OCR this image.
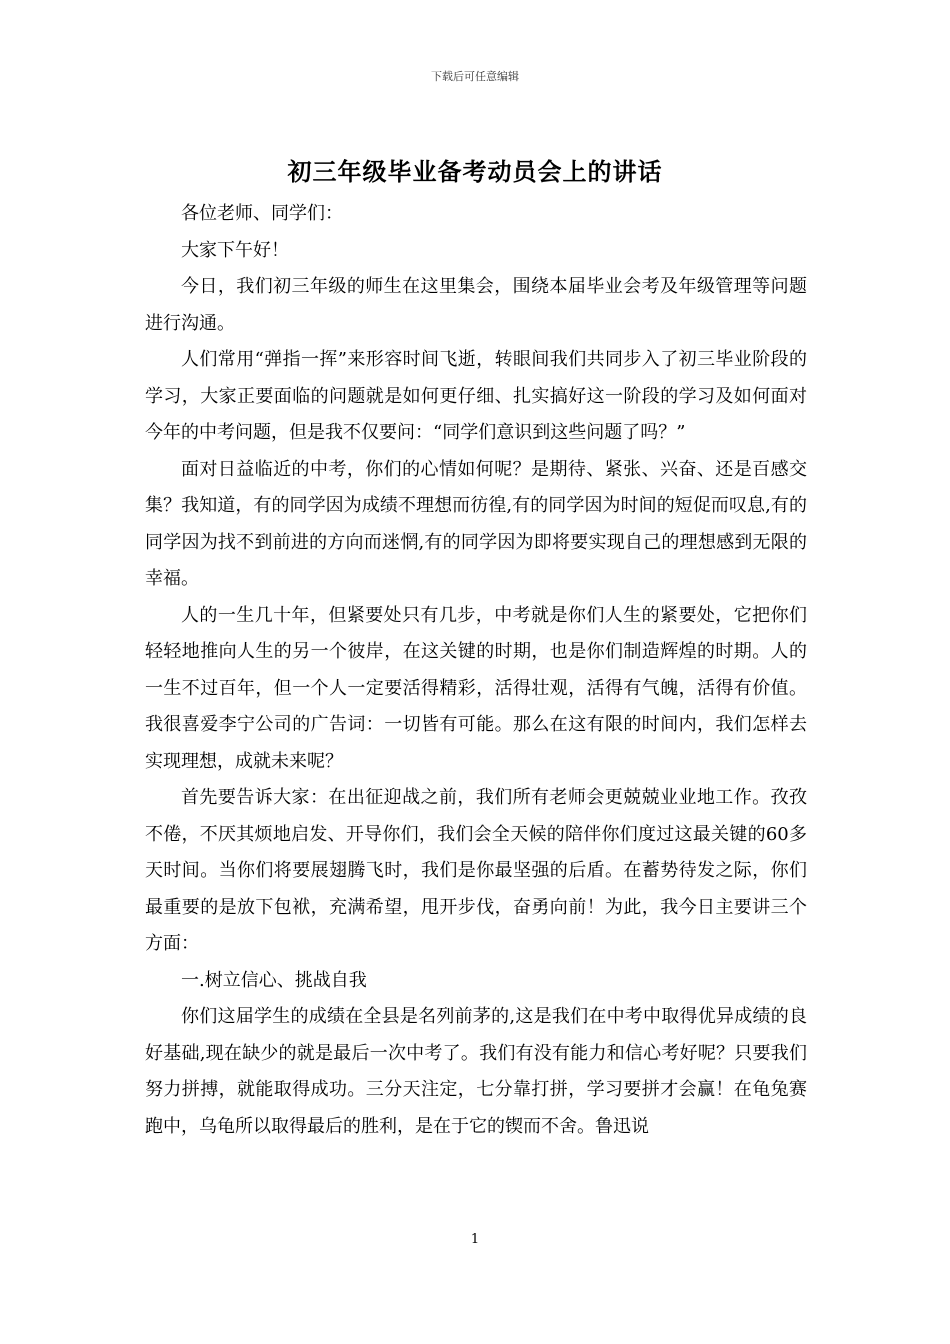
下载后可任意编辑
初三年级毕业备考动员会上的讲话

各位老师、同学们：

大家下午好！

今日，我们初三年级的师生在这里集会，围绕本届毕业会考及年级管理等问题进行沟通。

人们常用“弹指一挥”来形容时间飞逝，转眼间我们共同步入了初三毕业阶段的学习，大家正要面临的问题就是如何更仔细、扎实搞好这一阶段的学习及如何面对今年的中考问题，但是我不仅要问：“同学们意识到这些问题了吗？”

面对日益临近的中考，你们的心情如何呢？是期待、紧张、兴奋、还是百感交集？我知道，有的同学因为成绩不理想而彷徨,有的同学因为时间的短促而叹息,有的同学因为找不到前进的方向而迷惘,有的同学因为即将要实现自己的理想感到无限的幸福。

人的一生几十年，但紧要处只有几步，中考就是你们人生的紧要处，它把你们轻轻地推向人生的另一个彼岸，在这关键的时期，也是你们制造辉煌的时期。人的一生不过百年，但一个人一定要活得精彩，活得壮观，活得有气魄，活得有价值。我很喜爱李宁公司的广告词：一切皆有可能。那么在这有限的时间内，我们怎样去实现理想，成就未来呢？

首先要告诉大家：在出征迎战之前，我们所有老师会更兢兢业业地工作。孜孜不倦，不厌其烦地启发、开导你们，我们会全天候的陪伴你们度过这最关键的60多天时间。当你们将要展翅腾飞时，我们是你最坚强的后盾。在蓄势待发之际，你们最重要的是放下包袱，充满希望，甩开步伐，奋勇向前！为此，我今日主要讲三个方面：

一.树立信心、挑战自我

你们这届学生的成绩在全县是名列前茅的,这是我们在中考中取得优异成绩的良好基础,现在缺少的就是最后一次中考了。我们有没有能力和信心考好呢？只要我们努力拼搏，就能取得成功。三分天注定，七分靠打拼，学习要拼才会赢！在龟兔赛跑中，乌龟所以取得最后的胜利，是在于它的锲而不舍。鲁迅说

1
